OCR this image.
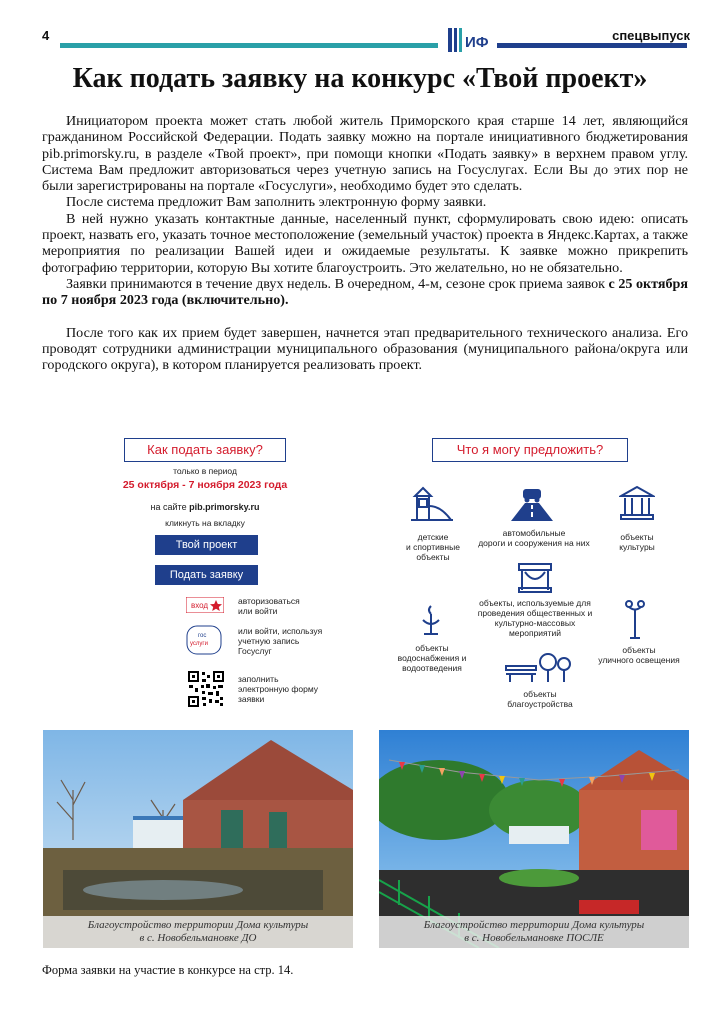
4	ИФ	спецвыпуск
Как подать заявку на конкурс «Твой проект»

Инициатором проекта может стать любой житель Приморского края старше 14 лет, являющийся гражданином Российской Федерации. Подать заявку можно на портале инициативного бюджетирования pib.primorsky.ru, в разделе «Твой проект», при помощи кнопки «Подать заявку» в верхнем правом углу. Система Вам предложит авторизоваться через учетную запись на Госуслугах. Если Вы до этих пор не были зарегистрированы на портале «Госуслуги», необходимо будет это сделать.

После система предложит Вам заполнить электронную форму заявки.

В ней нужно указать контактные данные, населенный пункт, сформулировать свою идею: описать проект, назвать его, указать точное местоположение (земельный участок) проекта в Яндекс.Картах, а также мероприятия по реализации Вашей идеи и ожидаемые результаты. К заявке можно прикрепить фотографию территории, которую Вы хотите благоустроить. Это желательно, но не обязательно.

Заявки принимаются в течение двух недель. В очередном, 4-м, сезоне срок приема заявок с 25 октября по 7 ноября 2023 года (включительно).

После того как их прием будет завершен, начнется этап предварительного технического анализа. Его проводят сотрудники администрации муниципального образования (муниципального района/округа или городского округа), в котором планируется реализовать проект.

Как подать заявку?
только в период
25 октября - 7 ноября 2023 года
на сайте pib.primorsky.ru
кликнуть на вкладку
Твой проект
Подать заявку
вход	авторизоваться
или войти
гос
услуги
или войти, используя
учетную запись
Госуслуг
заполнить
электронную форму
заявки
Что я могу предложить?
детские
и спортивные
объекты
автомобильные
дороги и сооружения на них
объекты
культуры
объекты, используемые для
проведения общественных и
культурно-массовых
мероприятий
объекты
водоснабжения и
водоотведения
объекты
уличного освещения
объекты
благоустройства
Благоустройство территории Дома культуры
в с. Новобельмановке ДО
Благоустройство территории Дома культуры
в с. Новобельмановке ПОСЛЕ
Форма заявки на участие в конкурсе на стр. 14.
